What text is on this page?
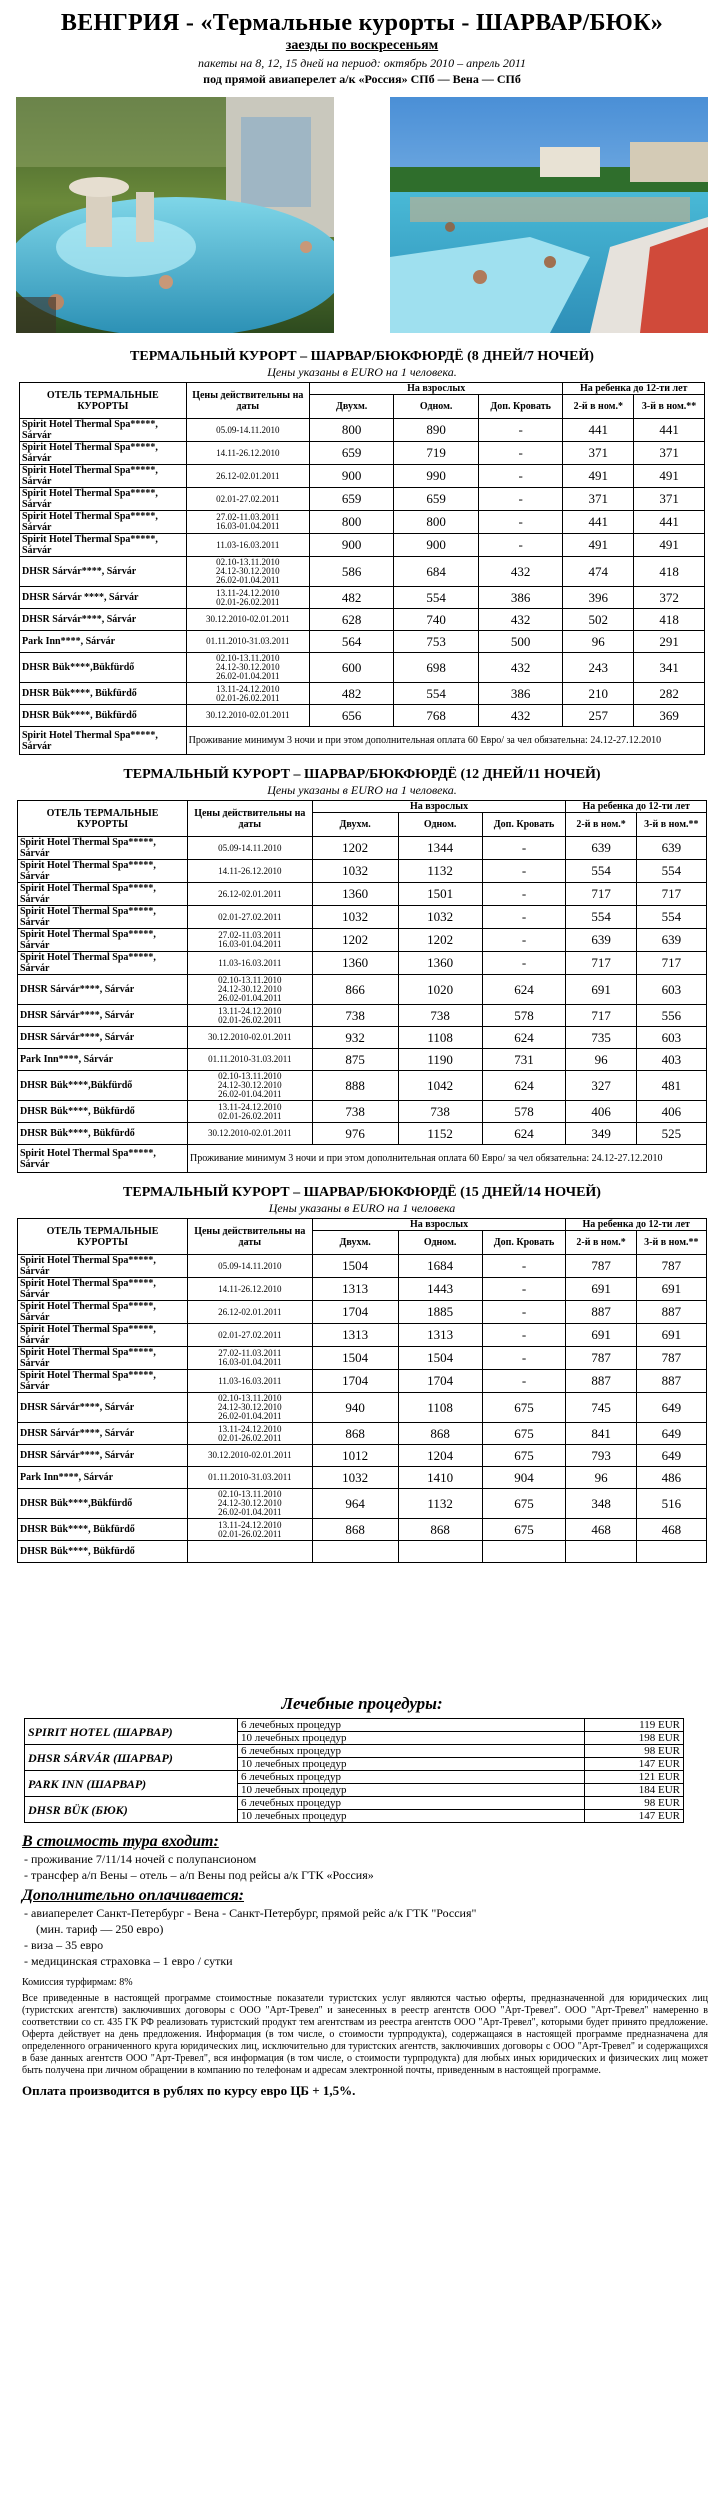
ВЕНГРИЯ - «Термальные курорты - ШАРВАР/БЮК»
заезды по воскресеньям
пакеты на 8, 12, 15 дней на период: октябрь 2010 – апрель 2011
под прямой авиаперелет а/к «Россия» СПб — Вена — СПб
ТЕРМАЛЬНЫЙ КУРОРТ – ШАРВАР/БЮКФЮРДЁ (8 ДНЕЙ/7 НОЧЕЙ)
Цены указаны в EURO на 1 человека.
ОТЕЛЬ ТЕРМАЛЬНЫЕ КУРОРТЫ	Цены действительны на даты	На взрослых			На ребенка до 12-ти лет	
		Двухм.	Одном.	Доп. Кровать	2-й в ном.*	3-й в ном.**
Spirit Hotel Thermal Spa*****, Sárvár	05.09-14.11.2010	800	890	-	441	441
Spirit Hotel Thermal Spa*****, Sárvár	14.11-26.12.2010	659	719	-	371	371
Spirit Hotel Thermal Spa*****, Sárvár	26.12-02.01.2011	900	990	-	491	491
Spirit Hotel Thermal Spa*****, Sárvár	02.01-27.02.2011	659	659	-	371	371
Spirit Hotel Thermal Spa*****, Sárvár	27.02-11.03.2011
16.03-01.04.2011	800	800	-	441	441
Spirit Hotel Thermal Spa*****, Sárvár	11.03-16.03.2011	900	900	-	491	491
DHSR Sárvár****, Sárvár	02.10-13.11.2010
24.12-30.12.2010
26.02-01.04.2011	586	684	432	474	418
DHSR Sárvár ****, Sárvár	13.11-24.12.2010
02.01-26.02.2011	482	554	386	396	372
DHSR Sárvár****, Sárvár	30.12.2010-02.01.2011	628	740	432	502	418
Park Inn****, Sárvár	01.11.2010-31.03.2011	564	753	500	96	291
DHSR Bük****,Bükfürdő	02.10-13.11.2010
24.12-30.12.2010
26.02-01.04.2011	600	698	432	243	341
DHSR Bük****, Bükfürdő	13.11-24.12.2010
02.01-26.02.2011	482	554	386	210	282
DHSR Bük****, Bükfürdő	30.12.2010-02.01.2011	656	768	432	257	369
Spirit Hotel Thermal Spa*****, Sárvár	Проживание минимум 3 ночи и при этом дополнительная оплата 60 Евро/ за чел обязательна: 24.12-27.12.2010					
ТЕРМАЛЬНЫЙ КУРОРТ – ШАРВАР/БЮКФЮРДЁ (12 ДНЕЙ/11 НОЧЕЙ)
Цены указаны в EURO на 1 человека.
ОТЕЛЬ ТЕРМАЛЬНЫЕ КУРОРТЫ	Цены действительны на даты	На взрослых			На ребенка до 12-ти лет	
		Двухм.	Одном.	Доп. Кровать	2-й в ном.*	3-й в ном.**
Spirit Hotel Thermal Spa*****, Sárvár	05.09-14.11.2010	1202	1344	-	639	639
Spirit Hotel Thermal Spa*****, Sárvár	14.11-26.12.2010	1032	1132	-	554	554
Spirit Hotel Thermal Spa*****, Sárvár	26.12-02.01.2011	1360	1501	-	717	717
Spirit Hotel Thermal Spa*****, Sárvár	02.01-27.02.2011	1032	1032	-	554	554
Spirit Hotel Thermal Spa*****, Sárvár	27.02-11.03.2011
16.03-01.04.2011	1202	1202	-	639	639
Spirit Hotel Thermal Spa*****, Sárvár	11.03-16.03.2011	1360	1360	-	717	717
DHSR Sárvár****, Sárvár	02.10-13.11.2010
24.12-30.12.2010
26.02-01.04.2011	866	1020	624	691	603
DHSR Sárvár****, Sárvár	13.11-24.12.2010
02.01-26.02.2011	738	738	578	717	556
DHSR Sárvár****, Sárvár	30.12.2010-02.01.2011	932	1108	624	735	603
Park Inn****, Sárvár	01.11.2010-31.03.2011	875	1190	731	96	403
DHSR Bük****,Bükfürdő	02.10-13.11.2010
24.12-30.12.2010
26.02-01.04.2011	888	1042	624	327	481
DHSR Bük****, Bükfürdő	13.11-24.12.2010
02.01-26.02.2011	738	738	578	406	406
DHSR Bük****, Bükfürdő	30.12.2010-02.01.2011	976	1152	624	349	525
Spirit Hotel Thermal Spa*****, Sárvár	Проживание минимум 3 ночи и при этом дополнительная оплата 60 Евро/ за чел обязательна: 24.12-27.12.2010					
ТЕРМАЛЬНЫЙ КУРОРТ – ШАРВАР/БЮКФЮРДЁ (15 ДНЕЙ/14 НОЧЕЙ)
Цены указаны в EURO на 1 человека
ОТЕЛЬ ТЕРМАЛЬНЫЕ КУРОРТЫ	Цены действительны на даты	На взрослых			На ребенка до 12-ти лет	
		Двухм.	Одном.	Доп. Кровать	2-й в ном.*	3-й в ном.**
Spirit Hotel Thermal Spa*****, Sárvár	05.09-14.11.2010	1504	1684	-	787	787
Spirit Hotel Thermal Spa*****, Sárvár	14.11-26.12.2010	1313	1443	-	691	691
Spirit Hotel Thermal Spa*****, Sárvár	26.12-02.01.2011	1704	1885	-	887	887
Spirit Hotel Thermal Spa*****, Sárvár	02.01-27.02.2011	1313	1313	-	691	691
Spirit Hotel Thermal Spa*****, Sárvár	27.02-11.03.2011
16.03-01.04.2011	1504	1504	-	787	787
Spirit Hotel Thermal Spa*****, Sárvár	11.03-16.03.2011	1704	1704	-	887	887
DHSR Sárvár****, Sárvár	02.10-13.11.2010
24.12-30.12.2010
26.02-01.04.2011	940	1108	675	745	649
DHSR Sárvár****, Sárvár	13.11-24.12.2010
02.01-26.02.2011	868	868	675	841	649
DHSR Sárvár****, Sárvár	30.12.2010-02.01.2011	1012	1204	675	793	649
Park Inn****, Sárvár	01.11.2010-31.03.2011	1032	1410	904	96	486
DHSR Bük****,Bükfürdő	02.10-13.11.2010
24.12-30.12.2010
26.02-01.04.2011	964	1132	675	348	516
DHSR Bük****, Bükfürdő	13.11-24.12.2010
02.01-26.02.2011	868	868	675	468	468
DHSR Bük****, Bükfürdő						
Лечебные процедуры:
SPIRIT HOTEL (ШАРВАР)	6 лечебных процедур	119 EUR
	10 лечебных процедур	198 EUR
DHSR SÁRVÁR (ШАРВАР)	6 лечебных процедур	98 EUR
	10 лечебных процедур	147 EUR
PARK INN (ШАРВАР)	6 лечебных процедур	121 EUR
	10 лечебных процедур	184 EUR
DHSR BÜK (БЮК)	6 лечебных процедур	98 EUR
	10 лечебных процедур	147 EUR
В стоимость тура входит:
- проживание 7/11/14 ночей с полупансионом
- трансфер а/п Вены – отель – а/п Вены под рейсы а/к ГТК «Россия»
Дополнительно оплачивается:
- авиаперелет Санкт-Петербург - Вена - Санкт-Петербург, прямой рейс а/к ГТК "Россия"
(мин. тариф — 250 евро)
- виза – 35 евро
- медицинская страховка – 1 евро / сутки
Комиссия турфирмам: 8%
Все приведенные в настоящей программе стоимостные показатели туристских услуг являются частью оферты, предназначенной для юридических лиц (туристских агентств) заключивших договоры с ООО "Арт-Тревел" и занесенных в реестр агентств ООО "Арт-Тревел". ООО "Арт-Тревел" намеренно в соответствии со ст. 435 ГК РФ реализовать туристский продукт тем агентствам из реестра агентств ООО "Арт-Тревел", которыми будет принято предложение. Оферта действует на день предложения. Информация (в том числе, о стоимости турпродукта), содержащаяся в настоящей программе предназначена для определенного ограниченного круга юридических лиц, исключительно для туристских агентств, заключивших договоры с ООО "Арт-Тревел" и содержащихся в базе данных агентств ООО "Арт-Тревел", вся информация (в том числе, о стоимости турпродукта) для любых иных юридических и физических лиц может быть получена при личном обращении в компанию по телефонам и адресам электронной почты, приведенным в настоящей программе.
Оплата производится в рублях по курсу евро ЦБ + 1,5%.
